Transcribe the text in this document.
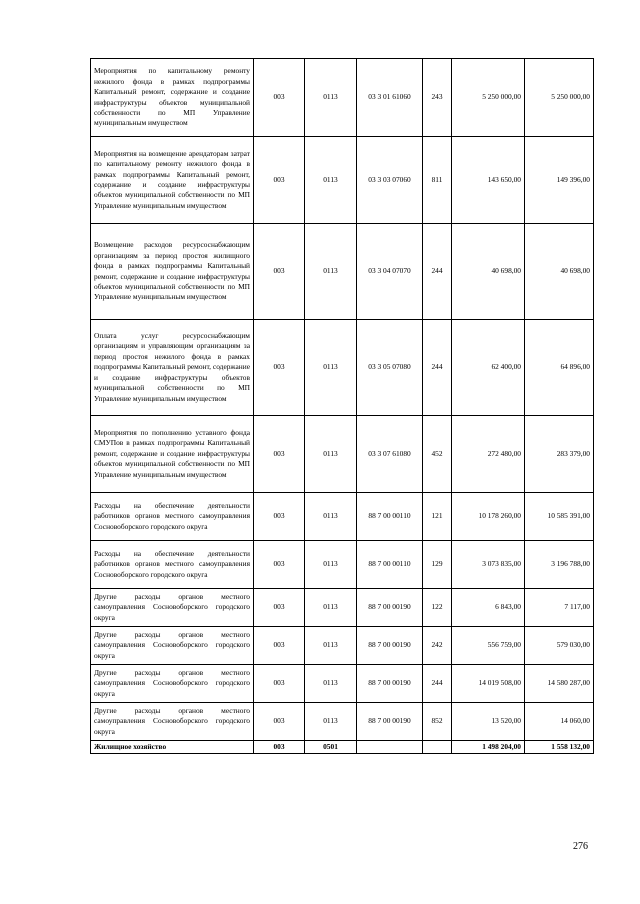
Мероприятия по капитальному ремонту нежилого фонда в рамках подпрограммы Капитальный ремонт, содержание и создание инфраструктуры объектов муниципальной собственности по МП Управление муниципальным имуществом	003	0113	03 3 01 61060	243	5 250 000,00	5 250 000,00
Мероприятия на возмещение арендаторам затрат по капитальному ремонту нежилого фонда в рамках подпрограммы Капитальный ремонт, содержание и создание инфраструктуры объектов муниципальной собственности по МП Управление муниципальным имуществом	003	0113	03 3 03 07060	811	143 650,00	149 396,00
Возмещение расходов ресурсоснабжающим организациям за период простоя жилищного фонда в рамках подпрограммы Капитальный ремонт, содержание и создание инфраструктуры объектов муниципальной собственности по МП Управление муниципальным имуществом	003	0113	03 3 04 07070	244	40 698,00	40 698,00
Оплата услуг ресурсоснабжающим организациям и управляющим организациям за период простоя нежилого фонда в рамках подпрограммы Капитальный ремонт, содержание и создание инфраструктуры объектов муниципальной собственности по МП Управление муниципальным имуществом	003	0113	03 3 05 07080	244	62 400,00	64 896,00
Мероприятия по пополнению уставного фонда СМУПов в рамках подпрограммы Капитальный ремонт, содержание и создание инфраструктуры объектов муниципальной собственности по МП Управление муниципальным имуществом	003	0113	03 3 07 61080	452	272 480,00	283 379,00
Расходы на обеспечение деятельности работников органов местного самоуправления Сосновоборского городского округа	003	0113	88 7 00 00110	121	10 178 260,00	10 585 391,00
Расходы на обеспечение деятельности работников органов местного самоуправления Сосновоборского городского округа	003	0113	88 7 00 00110	129	3 073 835,00	3 196 788,00
Другие расходы органов местного самоуправления Сосновоборского городского округа	003	0113	88 7 00 00190	122	6 843,00	7 117,00
Другие расходы органов местного самоуправления Сосновоборского городского округа	003	0113	88 7 00 00190	242	556 759,00	579 030,00
Другие расходы органов местного самоуправления Сосновоборского городского округа	003	0113	88 7 00 00190	244	14 019 508,00	14 580 287,00
Другие расходы органов местного самоуправления Сосновоборского городского округа	003	0113	88 7 00 00190	852	13 520,00	14 060,00
Жилищное хозяйство	003	0501			1 498 204,00	1 558 132,00
276
